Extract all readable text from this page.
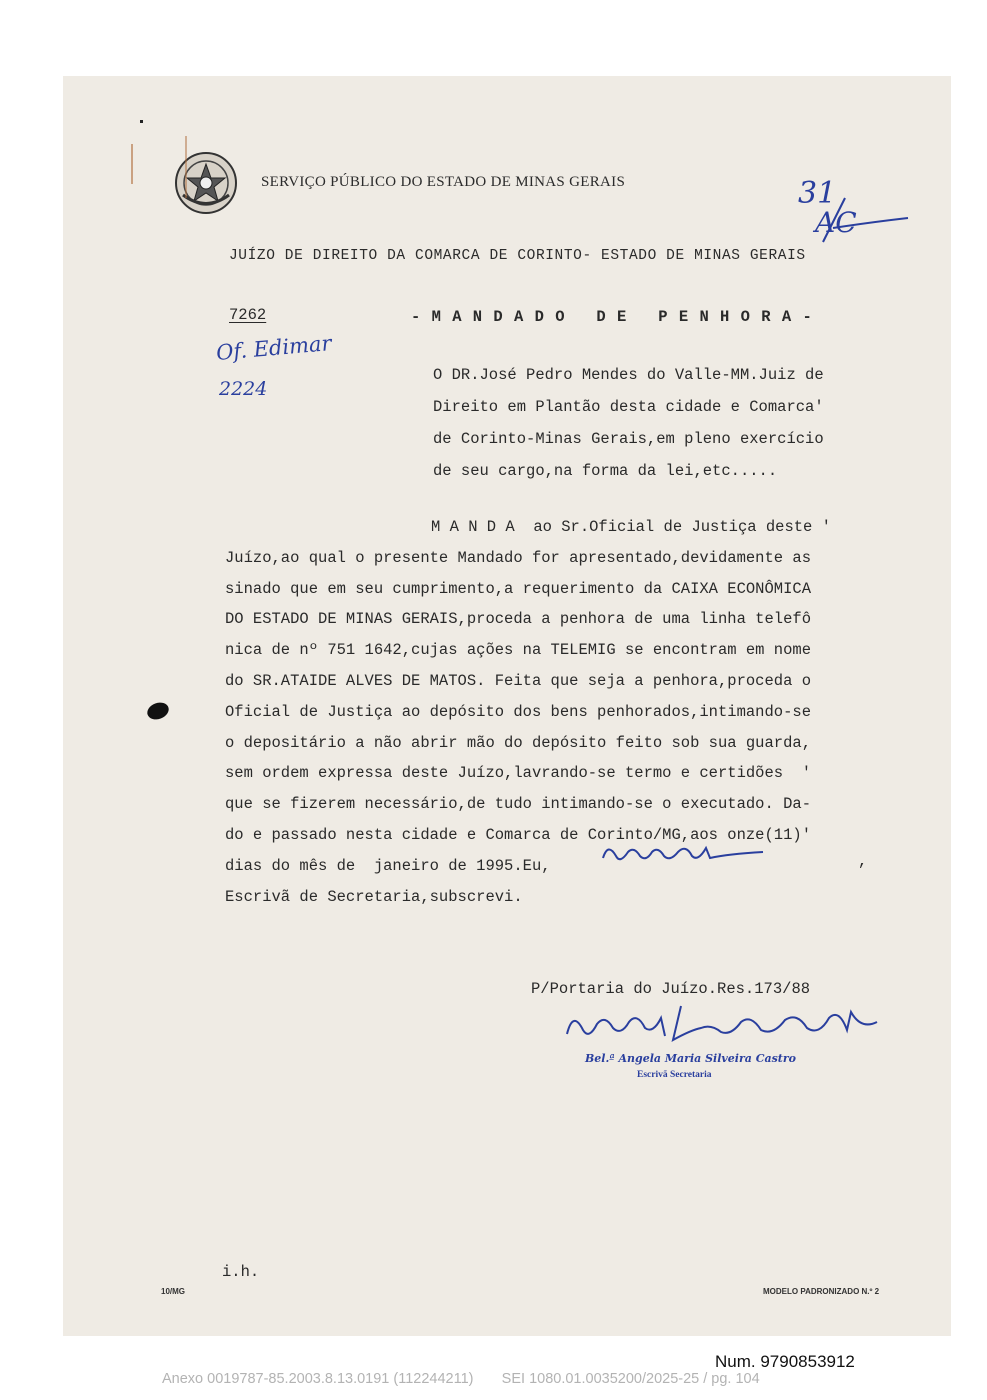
SERVIÇO PÚBLICO DO ESTADO DE MINAS GERAIS	31
AC
JUÍZO DE DIREITO DA COMARCA DE CORINTO- ESTADO DE MINAS GERAIS
7262	- M A N D A D O   D E   P E N H O R A -
Of. Edimar
2224
O DR.José Pedro Mendes do Valle-MM.Juiz de
Direito em Plantão desta cidade e Comarca'
de Corinto-Minas Gerais,em pleno exercício
de seu cargo,na forma da lei,etc.....
M A N D A  ao Sr.Oficial de Justiça deste '
Juízo,ao qual o presente Mandado for apresentado,devidamente as
sinado que em seu cumprimento,a requerimento da CAIXA ECONÔMICA
DO ESTADO DE MINAS GERAIS,proceda a penhora de uma linha telefô
nica de nº 751 1642,cujas ações na TELEMIG se encontram em nome
do SR.ATAIDE ALVES DE MATOS. Feita que seja a penhora,proceda o
Oficial de Justiça ao depósito dos bens penhorados,intimando-se
o depositário a não abrir mão do depósito feito sob sua guarda,
sem ordem expressa deste Juízo,lavrando-se termo e certidões  '
que se fizerem necessário,de tudo intimando-se o executado. Da-
do e passado nesta cidade e Comarca de Corinto/MG,aos onze(11)'
dias do mês de  janeiro de 1995.Eu,
Escrivã de Secretaria,subscrevi.
,
P/Portaria do Juízo.Res.173/88
Bel.ª Angela Maria Silveira Castro
Escrivã Secretaria
i.h.
10/MG	MODELO PADRONIZADO N.º 2
Num. 9790853912
Anexo 0019787-85.2003.8.13.0191 (112244211)       SEI 1080.01.0035200/2025-25 / pg. 104
